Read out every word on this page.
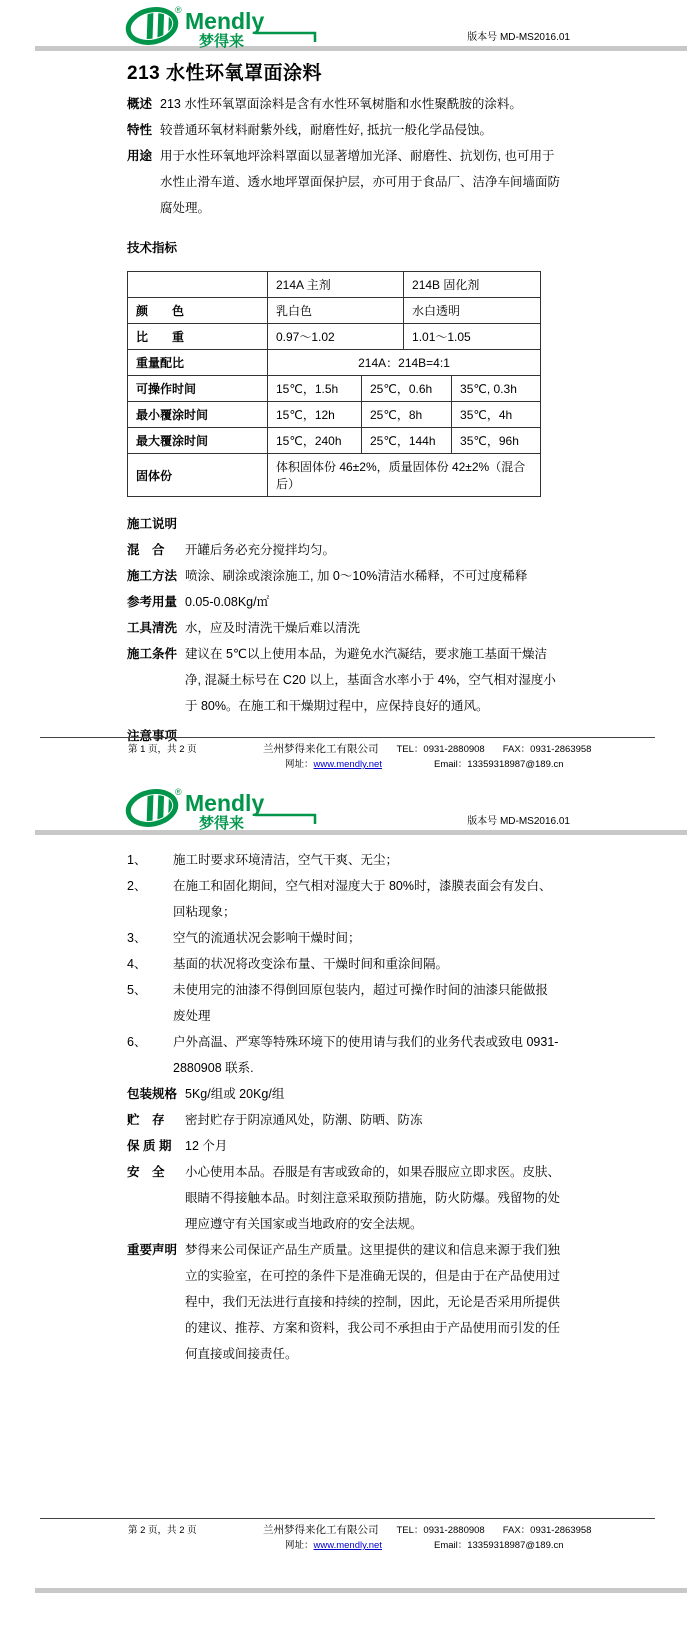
® Mendly
梦得来	版本号 MD-MS2016.01
213 水性环氧罩面涂料
概述 213 水性环氧罩面涂料是含有水性环氧树脂和水性聚酰胺的涂料。
特性 较普通环氧材料耐紫外线，耐磨性好, 抵抗一般化学品侵蚀。
用途 用于水性环氧地坪涂料罩面以显著增加光泽、耐磨性、抗划伤, 也可用于水性止滑车道、透水地坪罩面保护层，亦可用于食品厂、洁净车间墙面防腐处理。
技术指标
	214A 主剂		214B 固化剂	
颜　　色	乳白色		水白透明	
比　　重	0.97～1.02		1.01～1.05	
重量配比	214A：214B=4:1			
可操作时间	15℃，1.5h	25℃，0.6h		35℃, 0.3h
最小覆涂时间	15℃，12h	25℃，8h		35℃，4h
最大覆涂时间	15℃，240h	25℃，144h		35℃，96h
固体份	体积固体份 46±2%，质量固体份 42±2%（混合后）			
施工说明
混　合	开罐后务必充分搅拌均匀。
施工方法 喷涂、刷涂或滚涂施工, 加 0～10%清洁水稀释，不可过度稀释
参考用量 0.05-0.08Kg/㎡
工具清洗 水，应及时清洗干燥后难以清洗
施工条件 建议在 5℃以上使用本品，为避免水汽凝结，要求施工基面干燥洁净, 混凝土标号在 C20 以上，基面含水率小于 4%，空气相对湿度小于 80%。在施工和干燥期过程中，应保持良好的通风。
注意事项
第 1 页，共 2 页	兰州梦得来化工有限公司 TEL：0931-2880908 FAX：0931-2863958
网址： www.mendly.net	Email：13359318987@189.cn
® Mendly
梦得来	版本号 MD-MS2016.01
1、	施工时要求环境清洁，空气干爽、无尘；
2、	在施工和固化期间，空气相对湿度大于 80%时，漆膜表面会有发白、回粘现象；
3、	空气的流通状况会影响干燥时间；
4、	基面的状况将改变涂布量、干燥时间和重涂间隔。
5、	未使用完的油漆不得倒回原包装内，超过可操作时间的油漆只能做报废处理
6、	户外高温、严寒等特殊环境下的使用请与我们的业务代表或致电 0931-2880908 联系.
包装规格 5Kg/组或 20Kg/组
贮　存	密封贮存于阴凉通风处，防潮、防晒、防冻
保 质 期	12 个月
安　全	小心使用本品。吞服是有害或致命的，如果吞服应立即求医。皮肤、眼睛不得接触本品。时刻注意采取预防措施，防火防爆。残留物的处理应遵守有关国家或当地政府的安全法规。
重要声明 梦得来公司保证产品生产质量。这里提供的建议和信息来源于我们独立的实验室，在可控的条件下是准确无误的，但是由于在产品使用过程中，我们无法进行直接和持续的控制，因此，无论是否采用所提供的建议、推荐、方案和资料，我公司不承担由于产品使用而引发的任何直接或间接责任。
第 2 页，共 2 页	兰州梦得来化工有限公司 TEL：0931-2880908 FAX：0931-2863958
网址： www.mendly.net	Email：13359318987@189.cn
